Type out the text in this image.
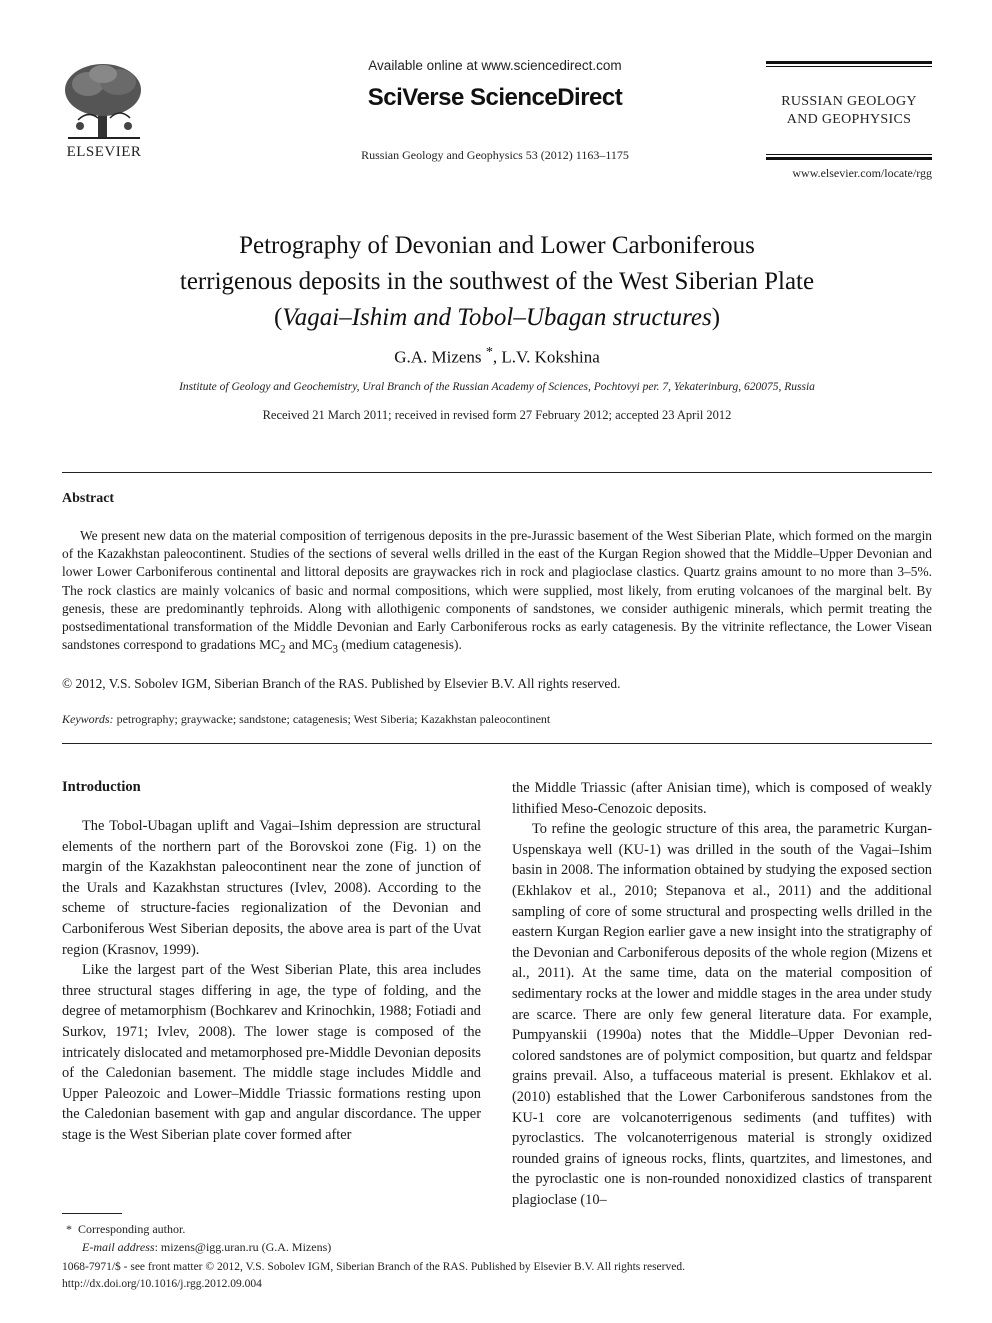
ELSEVIER
Available online at www.sciencedirect.com
SciVerse ScienceDirect
Russian Geology and Geophysics 53 (2012) 1163–1175
RUSSIAN GEOLOGY AND GEOPHYSICS
www.elsevier.com/locate/rgg
Petrography of Devonian and Lower Carboniferous
terrigenous deposits in the southwest of the West Siberian Plate
(Vagai–Ishim and Tobol–Ubagan structures)
G.A. Mizens *, L.V. Kokshina
Institute of Geology and Geochemistry, Ural Branch of the Russian Academy of Sciences, Pochtovyi per. 7, Yekaterinburg, 620075, Russia
Received 21 March 2011; received in revised form 27 February 2012; accepted 23 April 2012
Abstract
We present new data on the material composition of terrigenous deposits in the pre-Jurassic basement of the West Siberian Plate, which formed on the margin of the Kazakhstan paleocontinent. Studies of the sections of several wells drilled in the east of the Kurgan Region showed that the Middle–Upper Devonian and lower Lower Carboniferous continental and littoral deposits are graywackes rich in rock and plagioclase clastics. Quartz grains amount to no more than 3–5%. The rock clastics are mainly volcanics of basic and normal compositions, which were supplied, most likely, from eruting volcanoes of the marginal belt. By genesis, these are predominantly tephroids. Along with allothigenic components of sandstones, we consider authigenic minerals, which permit treating the postsedimentational transformation of the Middle Devonian and Early Carboniferous rocks as early catagenesis. By the vitrinite reflectance, the Lower Visean sandstones correspond to gradations $MC_2$ and $MC_3$ (medium catagenesis).
© 2012, V.S. Sobolev IGM, Siberian Branch of the RAS. Published by Elsevier B.V. All rights reserved.
Keywords: petrography; graywacke; sandstone; catagenesis; West Siberia; Kazakhstan paleocontinent
Introduction

The Tobol-Ubagan uplift and Vagai–Ishim depression are structural elements of the northern part of the Borovskoi zone (Fig. 1) on the margin of the Kazakhstan paleocontinent near the zone of junction of the Urals and Kazakhstan structures (Ivlev, 2008). According to the scheme of structure-facies regionalization of the Devonian and Carboniferous West Siberian deposits, the above area is part of the Uvat region (Krasnov, 1999).

Like the largest part of the West Siberian Plate, this area includes three structural stages differing in age, the type of folding, and the degree of metamorphism (Bochkarev and Krinochkin, 1988; Fotiadi and Surkov, 1971; Ivlev, 2008). The lower stage is composed of the intricately dislocated and metamorphosed pre-Middle Devonian deposits of the Caledonian basement. The middle stage includes Middle and Upper Paleozoic and Lower–Middle Triassic formations resting upon the Caledonian basement with gap and angular discordance. The upper stage is the West Siberian plate cover formed after

the Middle Triassic (after Anisian time), which is composed of weakly lithified Meso-Cenozoic deposits.

To refine the geologic structure of this area, the parametric Kurgan-Uspenskaya well (KU-1) was drilled in the south of the Vagai–Ishim basin in 2008. The information obtained by studying the exposed section (Ekhlakov et al., 2010; Stepanova et al., 2011) and the additional sampling of core of some structural and prospecting wells drilled in the eastern Kurgan Region earlier gave a new insight into the stratigraphy of the Devonian and Carboniferous deposits of the whole region (Mizens et al., 2011). At the same time, data on the material composition of sedimentary rocks at the lower and middle stages in the area under study are scarce. There are only few general literature data. For example, Pumpyanskii (1990a) notes that the Middle–Upper Devonian red-colored sandstones are of polymict composition, but quartz and feldspar grains prevail. Also, a tuffaceous material is present. Ekhlakov et al. (2010) established that the Lower Carboniferous sandstones from the KU-1 core are volcanoterrigenous sediments (and tuffites) with pyroclastics. The volcanoterrigenous material is strongly oxidized rounded grains of igneous rocks, flints, quartzites, and limestones, and the pyroclastic one is non-rounded nonoxidized clastics of transparent plagioclase (10–

* Corresponding author.
E-mail address: mizens@igg.uran.ru (G.A. Mizens)
1068-7971/$ - see front matter © 2012, V.S. Sobolev IGM, Siberian Branch of the RAS. Published by Elsevier B.V. All rights reserved.
http://dx.doi.org/10.1016/j.rgg.2012.09.004
